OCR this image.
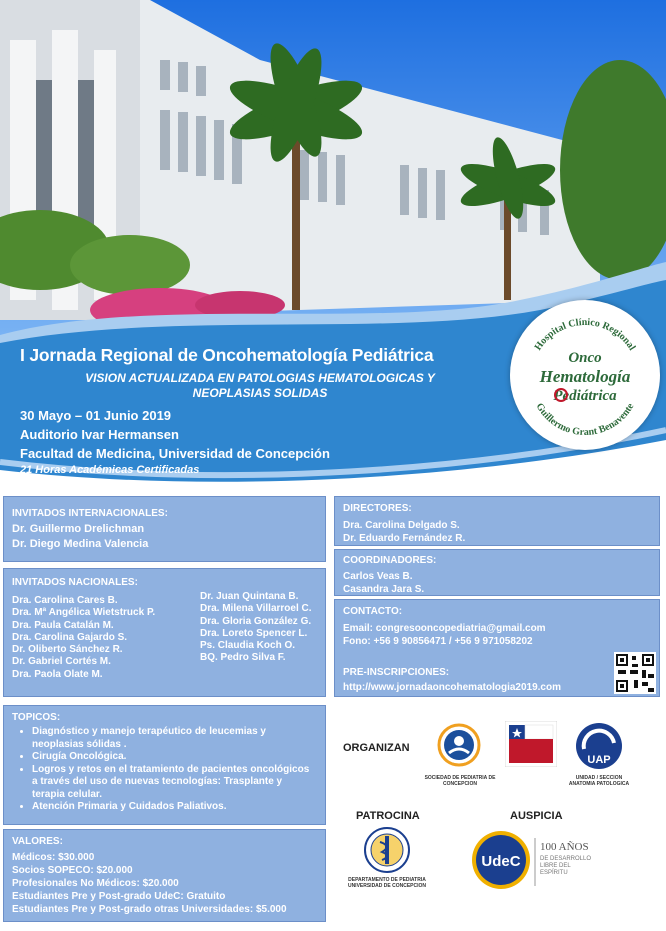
I Jornada Regional de Oncohematología Pediátrica
VISION ACTUALIZADA EN PATOLOGIAS HEMATOLOGICAS Y NEOPLASIAS SOLIDAS
30 Mayo – 01 Junio 2019
Auditorio Ivar Hermansen
Facultad de Medicina, Universidad de Concepción
21 Horas Académicas Certificadas
Hospital Clínico Regional
Guillermo Grant Benavente
Onco
Hematología
Pediátrica

INVITADOS INTERNACIONALES:

Dr. Guillermo Drelichman

Dr. Diego Medina Valencia

INVITADOS NACIONALES:

Dra. Carolina Cares B.

Dra. Mª Angélica Wietstruck P.

Dra. Paula Catalán M.

Dra. Carolina Gajardo S.

Dr. Oliberto Sánchez R.

Dr. Gabriel Cortés M.

Dra. Paola Olate M.

Dr. Juan Quintana B.

Dra. Milena Villarroel C.

Dra. Gloria González G.

Dra. Loreto Spencer L.

Ps. Claudia Koch O.

BQ. Pedro Silva F.

DIRECTORES:

Dra. Carolina Delgado S.

Dr. Eduardo Fernández R.

COORDINADORES:

Carlos Veas B.

Casandra Jara S.

CONTACTO:

Email: congresooncopediatria@gmail.com

Fono: +56 9 90856471 / +56 9 971058202

PRE-INSCRIPCIONES:

http://www.jornadaoncohematologia2019.com

TOPICOS:

• Diagnóstico y manejo terapéutico de leucemias y neoplasias sólidas .
• Cirugía Oncológica.
• Logros y retos en el tratamiento de pacientes oncológicos a través del uso de nuevas tecnologías: Trasplante y terapia celular.
• Atención Primaria y Cuidados Paliativos.

VALORES:

Médicos: $30.000

Socios SOPECO: $20.000

Profesionales No Médicos: $20.000

Estudiantes Pre y Post-grado UdeC: Gratuito

Estudiantes Pre y Post-grado otras Universidades: $5.000

ORGANIZAN
SOCIEDAD DE PEDIATRIA DE CONCEPCION
UAP
UNIDAD / SECCION ANATOMIA PATOLOGICA
PATROCINA
DEPARTAMENTO DE PEDIATRIA UNIVERSIDAD DE CONCEPCION
AUSPICIA
UdeC
100 AÑOS
DE DESARROLLO LIBRE DEL ESPÍRITU
